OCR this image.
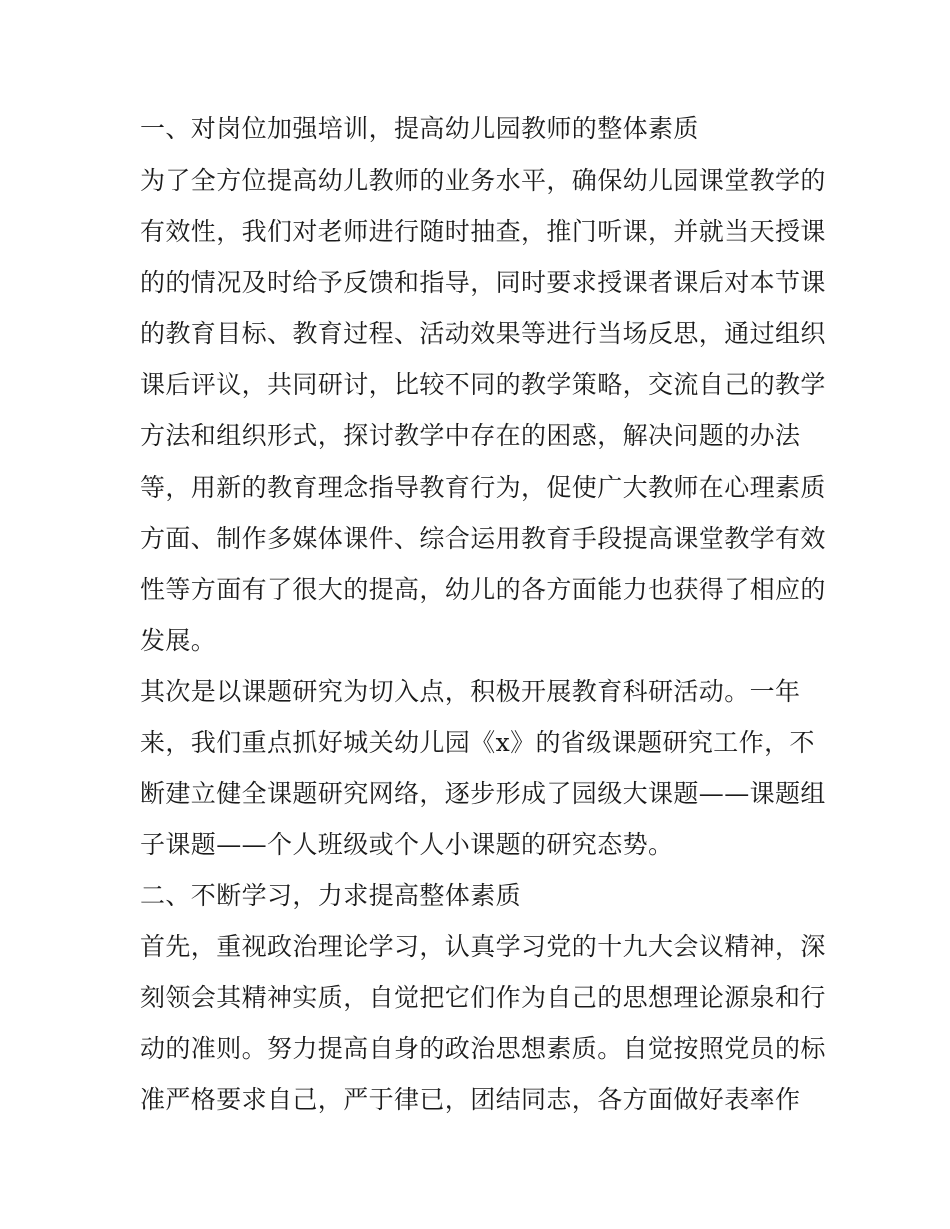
一、对岗位加强培训，提高幼儿园教师的整体素质
为了全方位提高幼儿教师的业务水平，确保幼儿园课堂教学的
有效性，我们对老师进行随时抽查，推门听课，并就当天授课
的的情况及时给予反馈和指导，同时要求授课者课后对本节课
的教育目标、教育过程、活动效果等进行当场反思，通过组织
课后评议，共同研讨，比较不同的教学策略，交流自己的教学
方法和组织形式，探讨教学中存在的困惑，解决问题的办法
等，用新的教育理念指导教育行为，促使广大教师在心理素质
方面、制作多媒体课件、综合运用教育手段提高课堂教学有效
性等方面有了很大的提高，幼儿的各方面能力也获得了相应的
发展。
其次是以课题研究为切入点，积极开展教育科研活动。一年
来，我们重点抓好城关幼儿园《x》的省级课题研究工作，不
断建立健全课题研究网络，逐步形成了园级大课题——课题组
子课题——个人班级或个人小课题的研究态势。
二、不断学习，力求提高整体素质
首先，重视政治理论学习，认真学习党的十九大会议精神，深
刻领会其精神实质，自觉把它们作为自己的思想理论源泉和行
动的准则。努力提高自身的政治思想素质。自觉按照党员的标
准严格要求自己，严于律已，团结同志，各方面做好表率作
